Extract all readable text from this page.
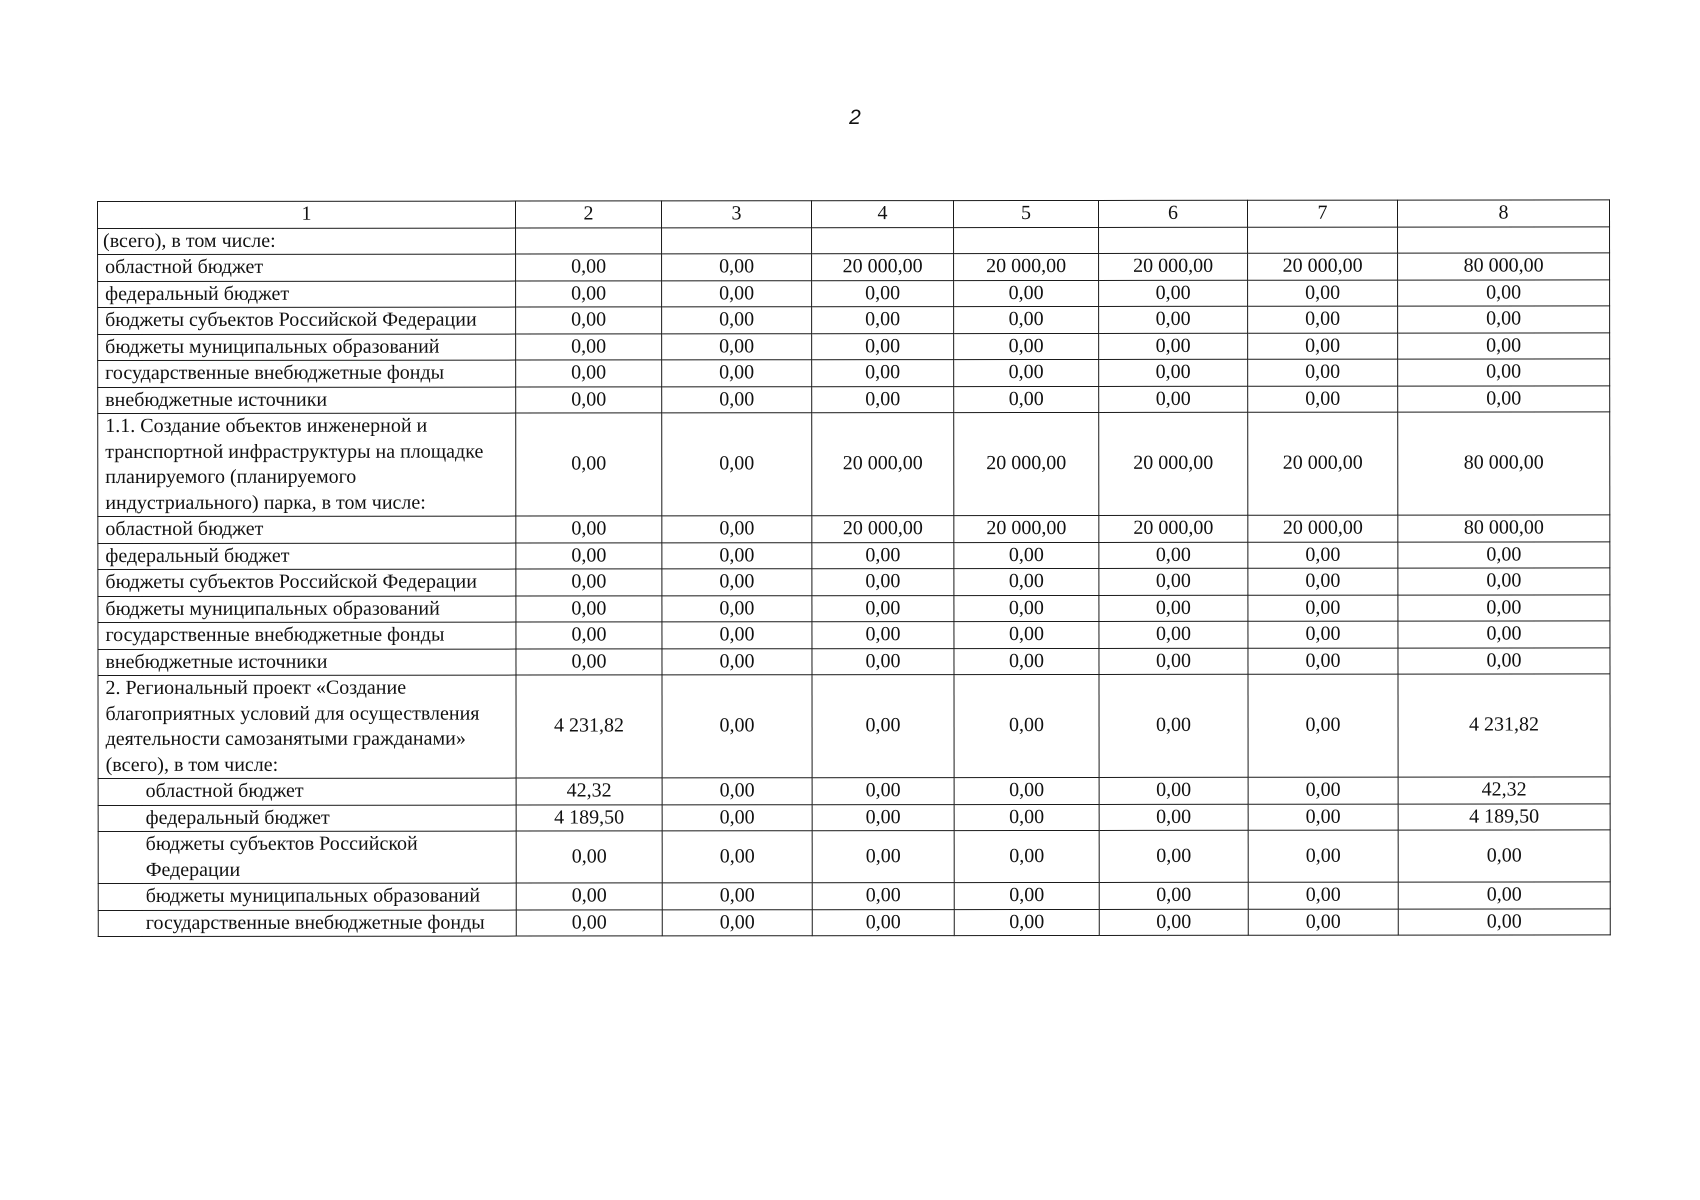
2
1	2	3	4	5	6	7	8
(всего), в том числе:							
областной бюджет	0,00	0,00	20 000,00	20 000,00	20 000,00	20 000,00	80 000,00
федеральный бюджет	0,00	0,00	0,00	0,00	0,00	0,00	0,00
бюджеты субъектов Российской Федерации	0,00	0,00	0,00	0,00	0,00	0,00	0,00
бюджеты муниципальных образований	0,00	0,00	0,00	0,00	0,00	0,00	0,00
государственные внебюджетные фонды	0,00	0,00	0,00	0,00	0,00	0,00	0,00
внебюджетные источники	0,00	0,00	0,00	0,00	0,00	0,00	0,00
1.1. Создание объектов инженерной и транспортной инфраструктуры на площадке планируемого (планируемого индустриального) парка, в том числе:	0,00	0,00	20 000,00	20 000,00	20 000,00	20 000,00	80 000,00
областной бюджет	0,00	0,00	20 000,00	20 000,00	20 000,00	20 000,00	80 000,00
федеральный бюджет	0,00	0,00	0,00	0,00	0,00	0,00	0,00
бюджеты субъектов Российской Федерации	0,00	0,00	0,00	0,00	0,00	0,00	0,00
бюджеты муниципальных образований	0,00	0,00	0,00	0,00	0,00	0,00	0,00
государственные внебюджетные фонды	0,00	0,00	0,00	0,00	0,00	0,00	0,00
внебюджетные источники	0,00	0,00	0,00	0,00	0,00	0,00	0,00
2. Региональный проект «Создание благоприятных условий для осуществления деятельности самозанятыми гражданами» (всего), в том числе:	4 231,82	0,00	0,00	0,00	0,00	0,00	4 231,82
областной бюджет	42,32	0,00	0,00	0,00	0,00	0,00	42,32
федеральный бюджет	4 189,50	0,00	0,00	0,00	0,00	0,00	4 189,50
бюджеты субъектов Российской Федерации	0,00	0,00	0,00	0,00	0,00	0,00	0,00
бюджеты муниципальных образований	0,00	0,00	0,00	0,00	0,00	0,00	0,00
государственные внебюджетные фонды	0,00	0,00	0,00	0,00	0,00	0,00	0,00
